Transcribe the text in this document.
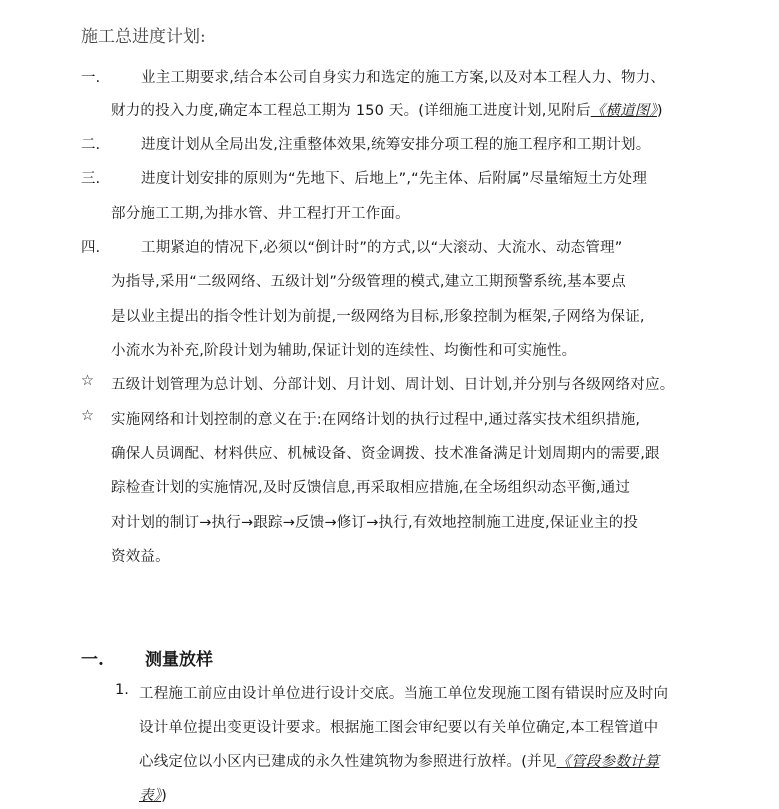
施工总进度计划:
一.	业主工期要求,结合本公司自身实力和选定的施工方案,以及对本工程人力、物力、
财力的投入力度,确定本工程总工期为 150 天。(详细施工进度计划,见附后《横道图》)
二.	进度计划从全局出发,注重整体效果,统筹安排分项工程的施工程序和工期计划。
三.	进度计划安排的原则为“先地下、后地上”,“先主体、后附属”尽量缩短土方处理
部分施工工期,为排水管、井工程打开工作面。
四.	工期紧迫的情况下,必须以“倒计时”的方式,以“大滚动、大流水、动态管理”
为指导,采用“二级网络、五级计划”分级管理的模式,建立工期预警系统,基本要点
是以业主提出的指令性计划为前提,一级网络为目标,形象控制为框架,子网络为保证,
小流水为补充,阶段计划为辅助,保证计划的连续性、均衡性和可实施性。
☆ 五级计划管理为总计划、分部计划、月计划、周计划、日计划,并分别与各级网络对应。
☆ 实施网络和计划控制的意义在于:在网络计划的执行过程中,通过落实技术组织措施,
确保人员调配、材料供应、机械设备、资金调拨、技术准备满足计划周期内的需要,跟
踪检查计划的实施情况,及时反馈信息,再采取相应措施,在全场组织动态平衡,通过
对计划的制订→执行→跟踪→反馈→修订→执行,有效地控制施工进度,保证业主的投
资效益。
一. 测量放样
1. 工程施工前应由设计单位进行设计交底。当施工单位发现施工图有错误时应及时向
设计单位提出变更设计要求。根据施工图会审纪要以有关单位确定,本工程管道中
心线定位以小区内已建成的永久性建筑物为参照进行放样。(并见《管段参数计算
表》)
